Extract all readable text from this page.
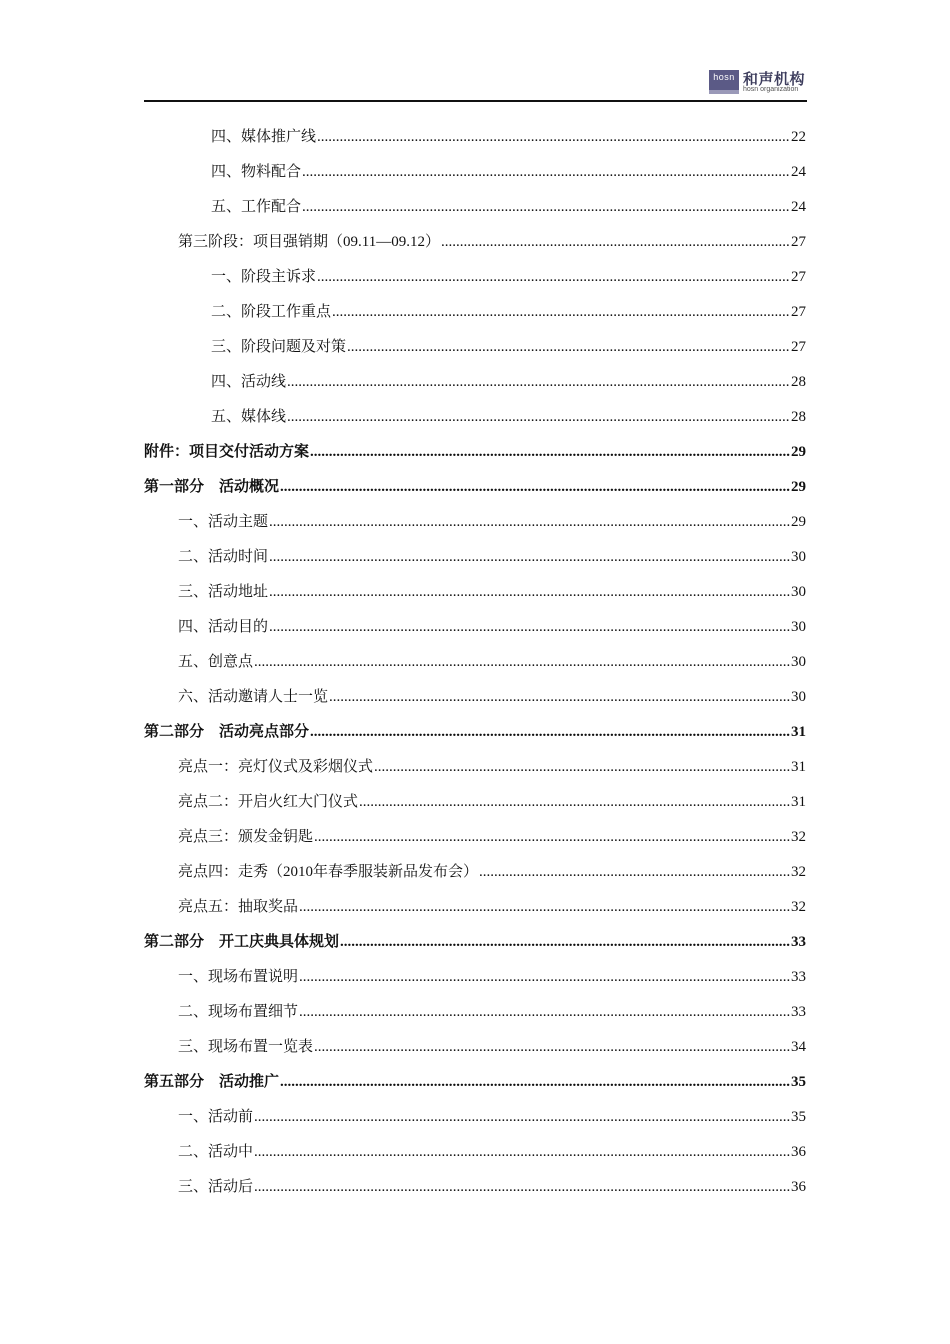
hosn 和声机构
hosn organization
四、媒体推广线 .....	22
四、物料配合 .....	24
五、工作配合 .....	24
第三阶段：项目强销期（09.11—09.12） .....	27
一、阶段主诉求 .....	27
二、阶段工作重点 .....	27
三、阶段问题及对策 .....	27
四、活动线 .....	28
五、媒体线 .....	28
附件：项目交付活动方案 .....	29
第一部分　活动概况 .....	29
一、活动主题 .....	29
二、活动时间 .....	30
三、活动地址 .....	30
四、活动目的 .....	30
五、创意点 .....	30
六、活动邀请人士一览 .....	30
第二部分　活动亮点部分 .....	31
亮点一：亮灯仪式及彩烟仪式 .....	31
亮点二：开启火红大门仪式 .....	31
亮点三：颁发金钥匙 .....	32
亮点四：走秀（2010年春季服装新品发布会） .....	32
亮点五：抽取奖品 .....	32
第二部分　开工庆典具体规划 .....	33
一、现场布置说明 .....	33
二、现场布置细节 .....	33
三、现场布置一览表 .....	34
第五部分　活动推广 .....	35
一、活动前 .....	35
二、活动中 .....	36
三、活动后 .....	36
